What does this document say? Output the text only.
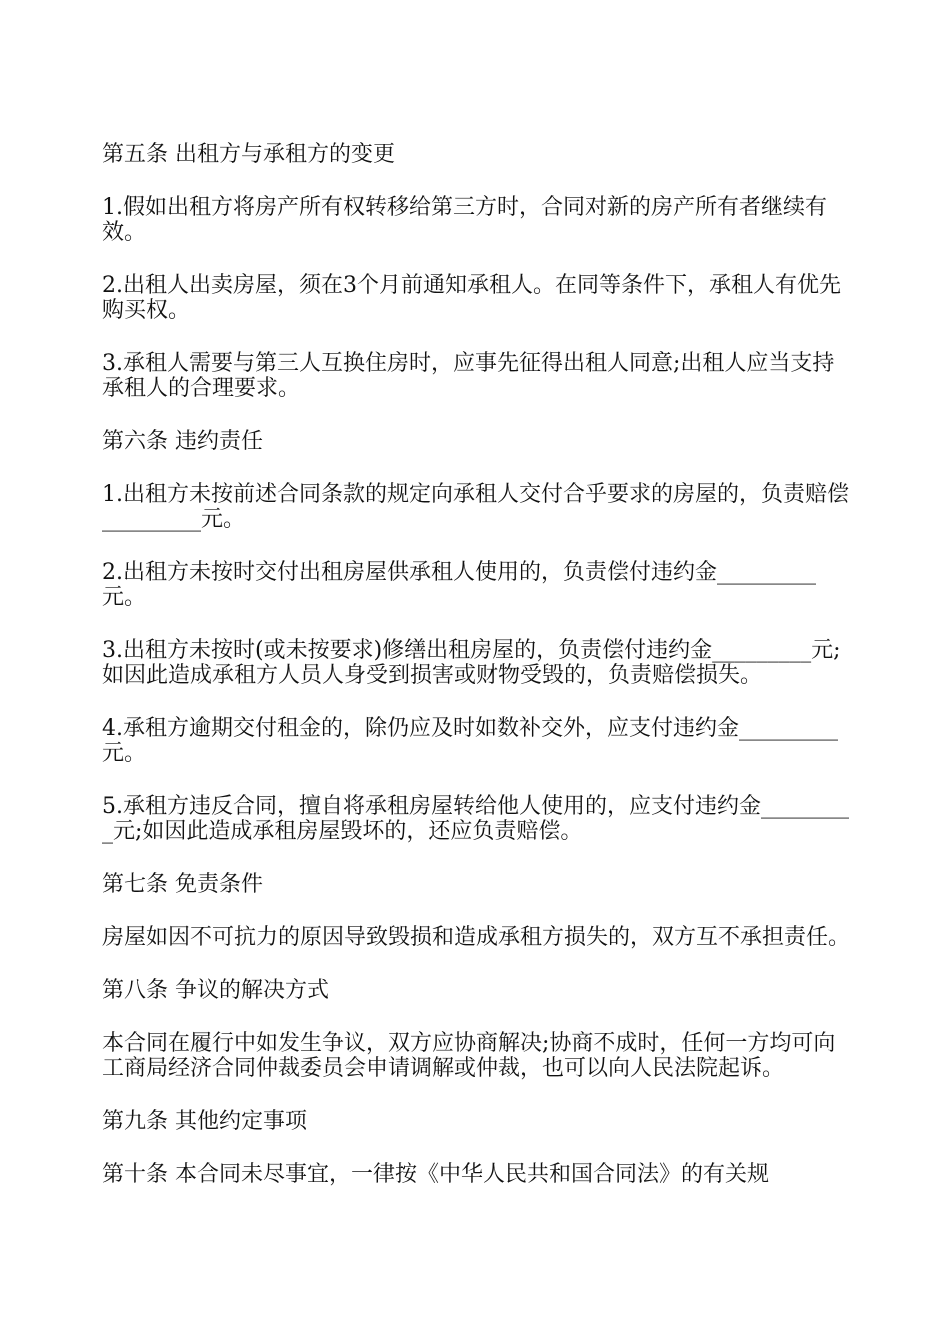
第五条 出租方与承租方的变更

1.假如出租方将房产所有权转移给第三方时，合同对新的房产所有者继续有效。

2.出租人出卖房屋，须在3个月前通知承租人。在同等条件下，承租人有优先购买权。

3.承租人需要与第三人互换住房时，应事先征得出租人同意;出租人应当支持承租人的合理要求。

第六条 违约责任

1.出租方未按前述合同条款的规定向承租人交付合乎要求的房屋的，负责赔偿_________元。

2.出租方未按时交付出租房屋供承租人使用的，负责偿付违约金_________元。

3.出租方未按时(或未按要求)修缮出租房屋的，负责偿付违约金_________元;如因此造成承租方人员人身受到损害或财物受毁的，负责赔偿损失。

4.承租方逾期交付租金的，除仍应及时如数补交外，应支付违约金_________元。

5.承租方违反合同，擅自将承租房屋转给他人使用的，应支付违约金_________元;如因此造成承租房屋毁坏的，还应负责赔偿。

第七条 免责条件

房屋如因不可抗力的原因导致毁损和造成承租方损失的，双方互不承担责任。

第八条 争议的解决方式

本合同在履行中如发生争议，双方应协商解决;协商不成时，任何一方均可向工商局经济合同仲裁委员会申请调解或仲裁，也可以向人民法院起诉。

第九条 其他约定事项

第十条 本合同未尽事宜，一律按《中华人民共和国合同法》的有关规
